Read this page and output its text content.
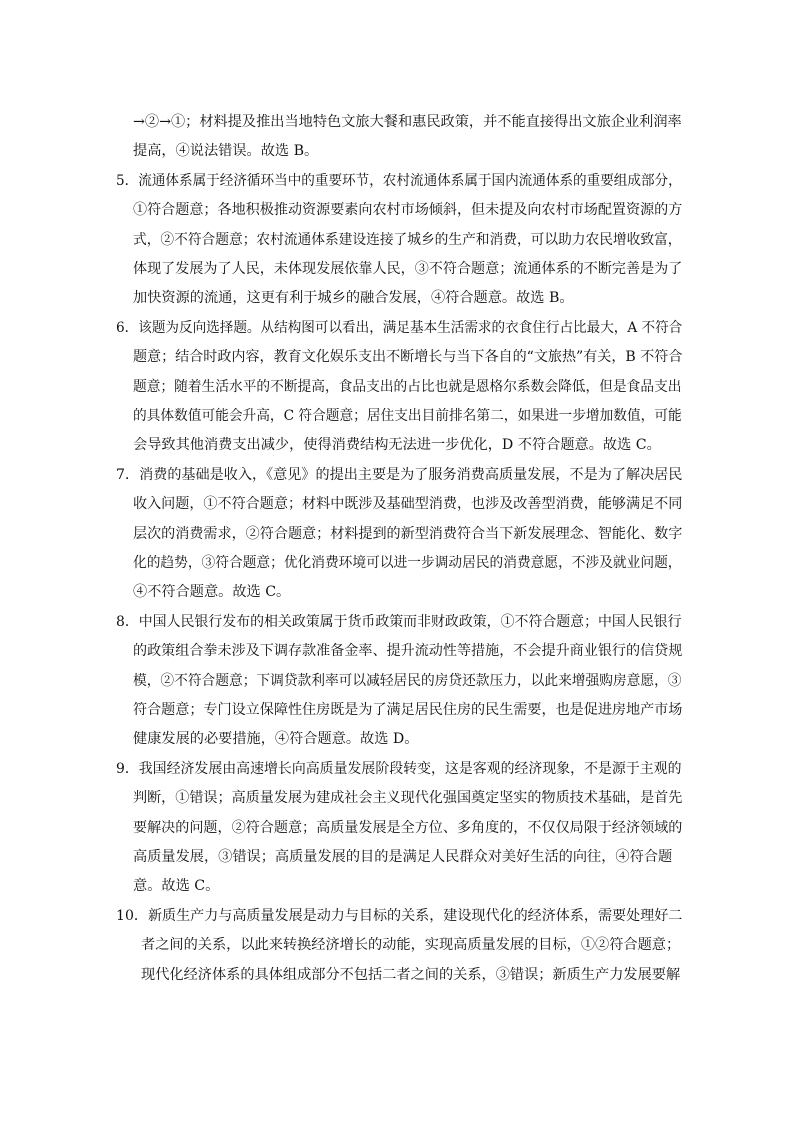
→②→①；材料提及推出当地特色文旅大餐和惠民政策，并不能直接得出文旅企业利润率
提高，④说法错误。故选 B。
5．流通体系属于经济循环当中的重要环节，农村流通体系属于国内流通体系的重要组成部分，
①符合题意；各地积极推动资源要素向农村市场倾斜，但未提及向农村市场配置资源的方
式，②不符合题意；农村流通体系建设连接了城乡的生产和消费，可以助力农民增收致富，
体现了发展为了人民，未体现发展依靠人民，③不符合题意；流通体系的不断完善是为了
加快资源的流通，这更有利于城乡的融合发展，④符合题意。故选 B。
6．该题为反向选择题。从结构图可以看出，满足基本生活需求的衣食住行占比最大，A 不符合
题意；结合时政内容，教育文化娱乐支出不断增长与当下各自的“文旅热”有关，B 不符合
题意；随着生活水平的不断提高，食品支出的占比也就是恩格尔系数会降低，但是食品支出
的具体数值可能会升高，C 符合题意；居住支出目前排名第二，如果进一步增加数值，可能
会导致其他消费支出减少，使得消费结构无法进一步优化，D 不符合题意。故选 C。
7．消费的基础是收入，《意见》的提出主要是为了服务消费高质量发展，不是为了解决居民
收入问题，①不符合题意；材料中既涉及基础型消费，也涉及改善型消费，能够满足不同
层次的消费需求，②符合题意；材料提到的新型消费符合当下新发展理念、智能化、数字
化的趋势，③符合题意；优化消费环境可以进一步调动居民的消费意愿，不涉及就业问题，
④不符合题意。故选 C。
8．中国人民银行发布的相关政策属于货币政策而非财政政策，①不符合题意；中国人民银行
的政策组合拳未涉及下调存款准备金率、提升流动性等措施，不会提升商业银行的信贷规
模，②不符合题意；下调贷款利率可以减轻居民的房贷还款压力，以此来增强购房意愿，③
符合题意；专门设立保障性住房既是为了满足居民住房的民生需要，也是促进房地产市场
健康发展的必要措施，④符合题意。故选 D。
9．我国经济发展由高速增长向高质量发展阶段转变，这是客观的经济现象，不是源于主观的
判断，①错误；高质量发展为建成社会主义现代化强国奠定坚实的物质技术基础，是首先
要解决的问题，②符合题意；高质量发展是全方位、多角度的，不仅仅局限于经济领域的
高质量发展，③错误；高质量发展的目的是满足人民群众对美好生活的向往，④符合题
意。故选 C。
10．新质生产力与高质量发展是动力与目标的关系，建设现代化的经济体系，需要处理好二
者之间的关系，以此来转换经济增长的动能，实现高质量发展的目标，①②符合题意；
现代化经济体系的具体组成部分不包括二者之间的关系，③错误；新质生产力发展要解
